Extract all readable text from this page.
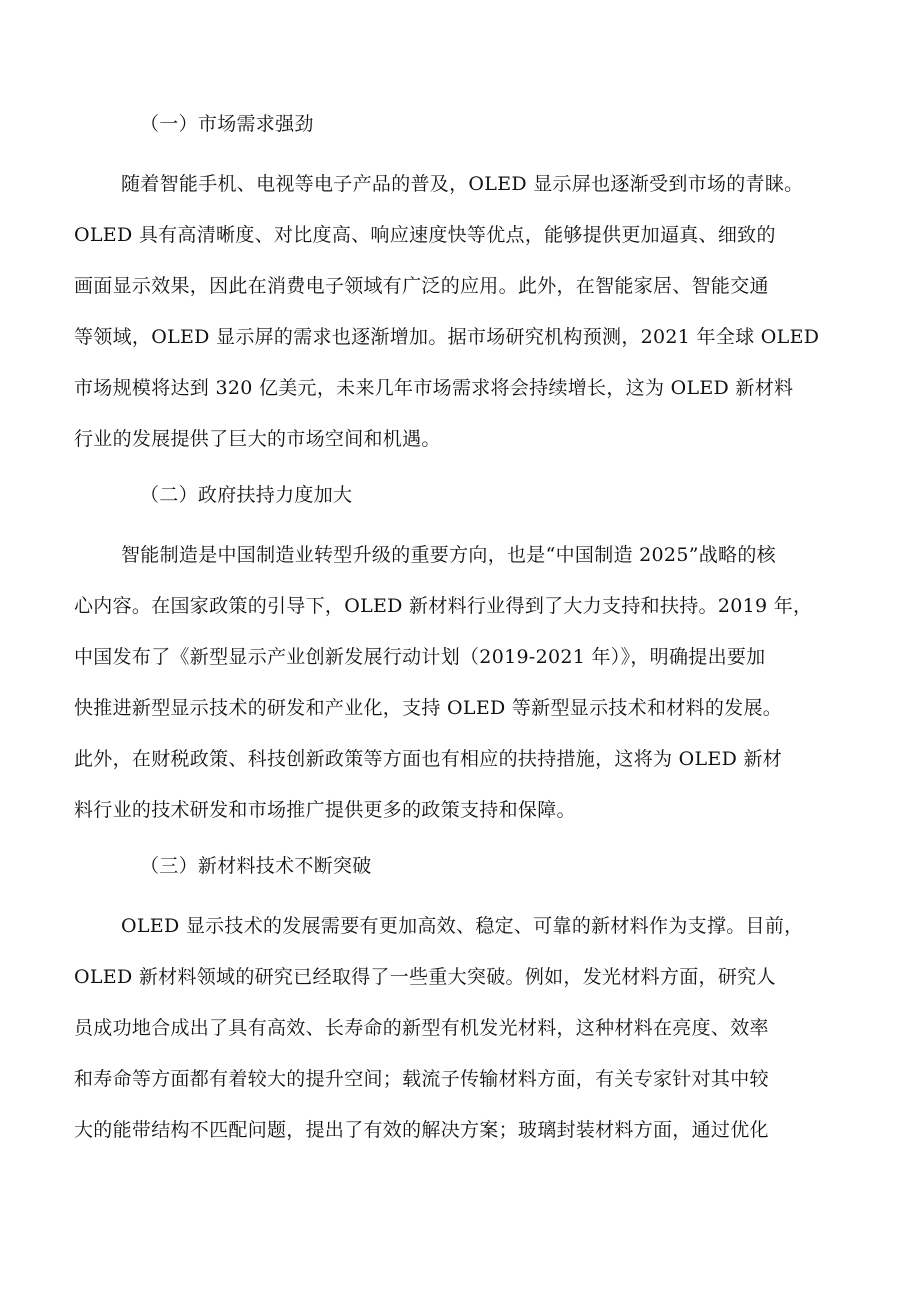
（一）市场需求强劲
随着智能手机、电视等电子产品的普及，OLED 显示屏也逐渐受到市场的青睐。
OLED 具有高清晰度、对比度高、响应速度快等优点，能够提供更加逼真、细致的
画面显示效果，因此在消费电子领域有广泛的应用。此外，在智能家居、智能交通
等领域，OLED 显示屏的需求也逐渐增加。据市场研究机构预测，2021 年全球 OLED
市场规模将达到 320 亿美元，未来几年市场需求将会持续增长，这为 OLED 新材料
行业的发展提供了巨大的市场空间和机遇。
（二）政府扶持力度加大
智能制造是中国制造业转型升级的重要方向，也是“中国制造 2025”战略的核
心内容。在国家政策的引导下，OLED 新材料行业得到了大力支持和扶持。2019 年，
中国发布了《新型显示产业创新发展行动计划（2019-2021 年）》，明确提出要加
快推进新型显示技术的研发和产业化，支持 OLED 等新型显示技术和材料的发展。
此外，在财税政策、科技创新政策等方面也有相应的扶持措施，这将为 OLED 新材
料行业的技术研发和市场推广提供更多的政策支持和保障。
（三）新材料技术不断突破
OLED 显示技术的发展需要有更加高效、稳定、可靠的新材料作为支撑。目前，
OLED 新材料领域的研究已经取得了一些重大突破。例如，发光材料方面，研究人
员成功地合成出了具有高效、长寿命的新型有机发光材料，这种材料在亮度、效率
和寿命等方面都有着较大的提升空间；载流子传输材料方面，有关专家针对其中较
大的能带结构不匹配问题，提出了有效的解决方案；玻璃封装材料方面，通过优化
